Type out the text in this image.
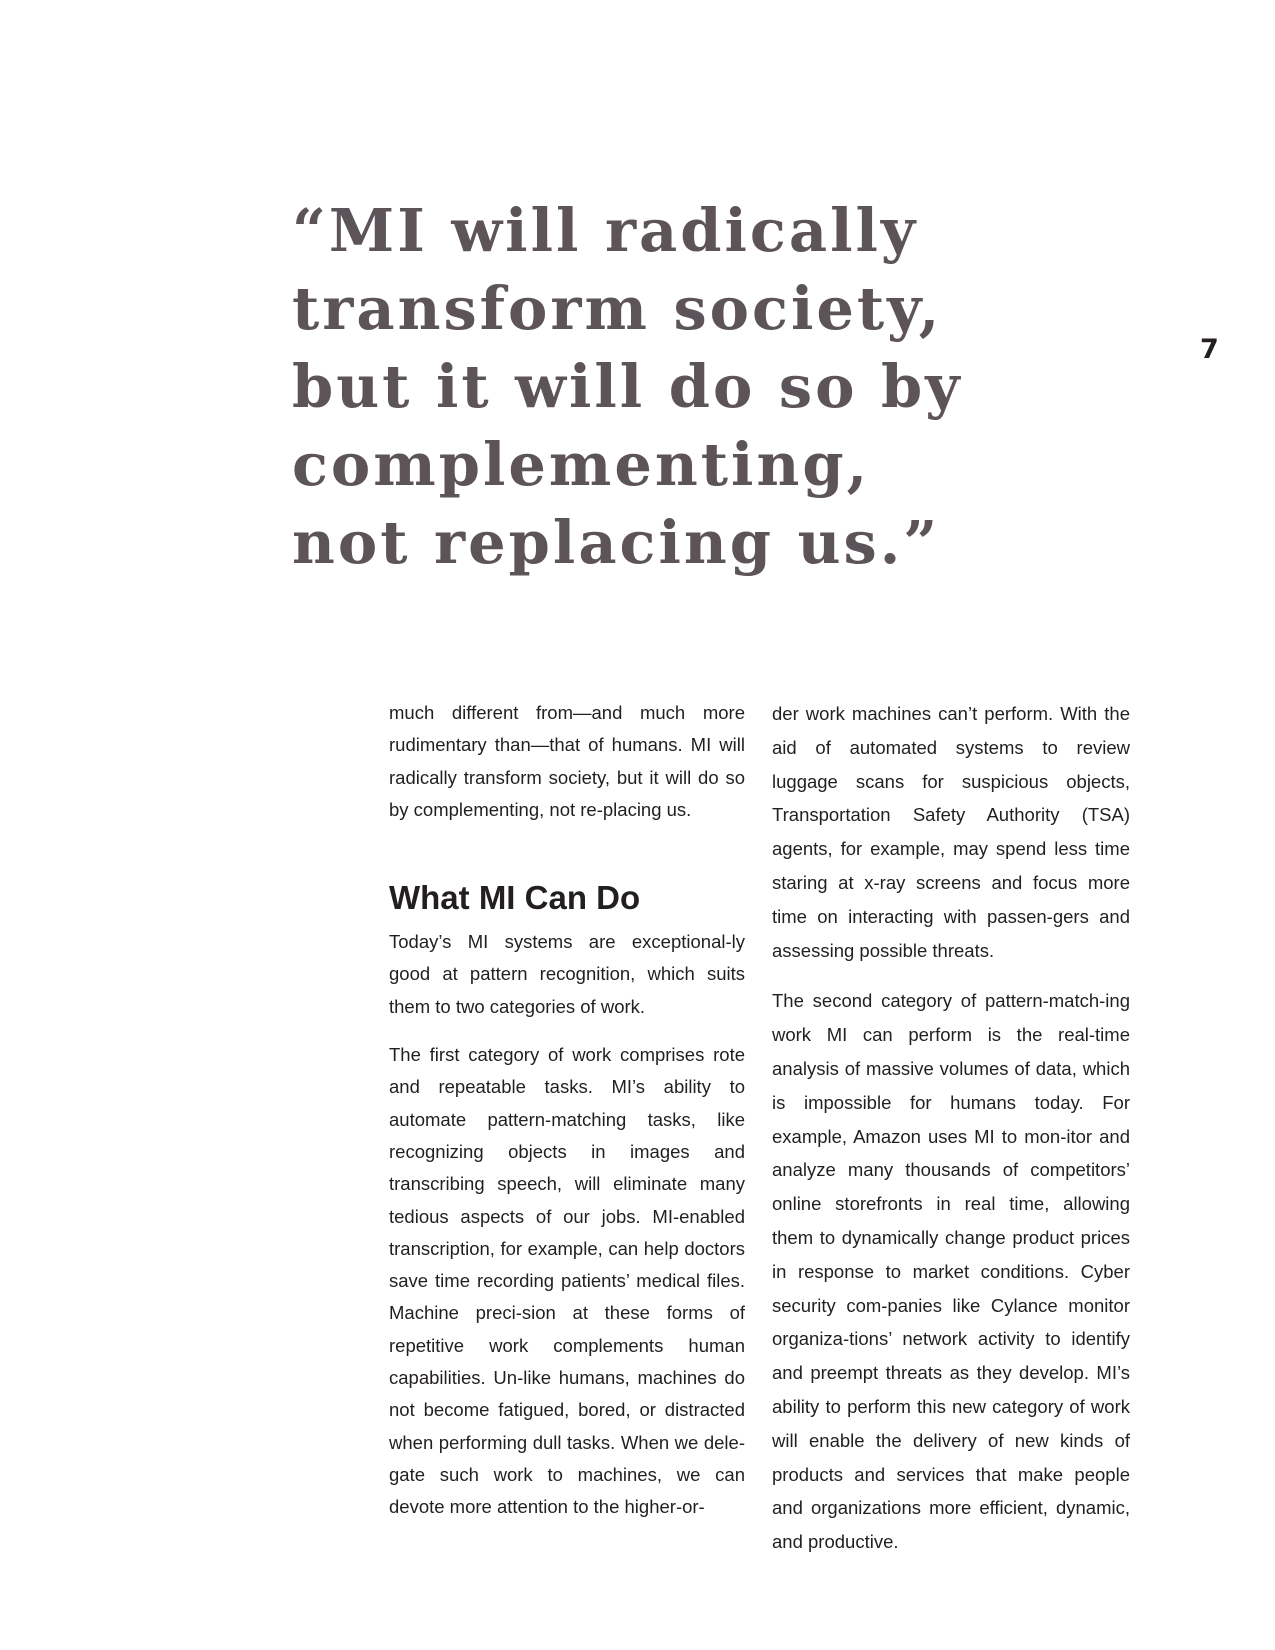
“MI will radically
transform society,
but it will do so by
complementing,
not replacing us.”
7

much different from—and much more rudimentary than—that of humans. MI will radically transform society, but it will do so by complementing, not re-placing us.

What MI Can Do

Today’s MI systems are exceptional-ly good at pattern recognition, which suits them to two categories of work.

The first category of work comprises rote and repeatable tasks. MI’s ability to automate pattern-matching tasks, like recognizing objects in images and transcribing speech, will eliminate many tedious aspects of our jobs. MI-enabled transcription, for example, can help doctors save time recording patients’ medical files. Machine preci-sion at these forms of repetitive work complements human capabilities. Un-like humans, machines do not become fatigued, bored, or distracted when performing dull tasks. When we dele-gate such work to machines, we can devote more attention to the higher-or-

der work machines can’t perform. With the aid of automated systems to review luggage scans for suspicious objects, Transportation Safety Authority (TSA) agents, for example, may spend less time staring at x-ray screens and focus more time on interacting with passen-gers and assessing possible threats.

The second category of pattern-match-ing work MI can perform is the real-time analysis of massive volumes of data, which is impossible for humans today. For example, Amazon uses MI to mon-itor and analyze many thousands of competitors’ online storefronts in real time, allowing them to dynamically change product prices in response to market conditions. Cyber security com-panies like Cylance monitor organiza-tions’ network activity to identify and preempt threats as they develop. MI’s ability to perform this new category of work will enable the delivery of new kinds of products and services that make people and organizations more efficient, dynamic, and productive.
